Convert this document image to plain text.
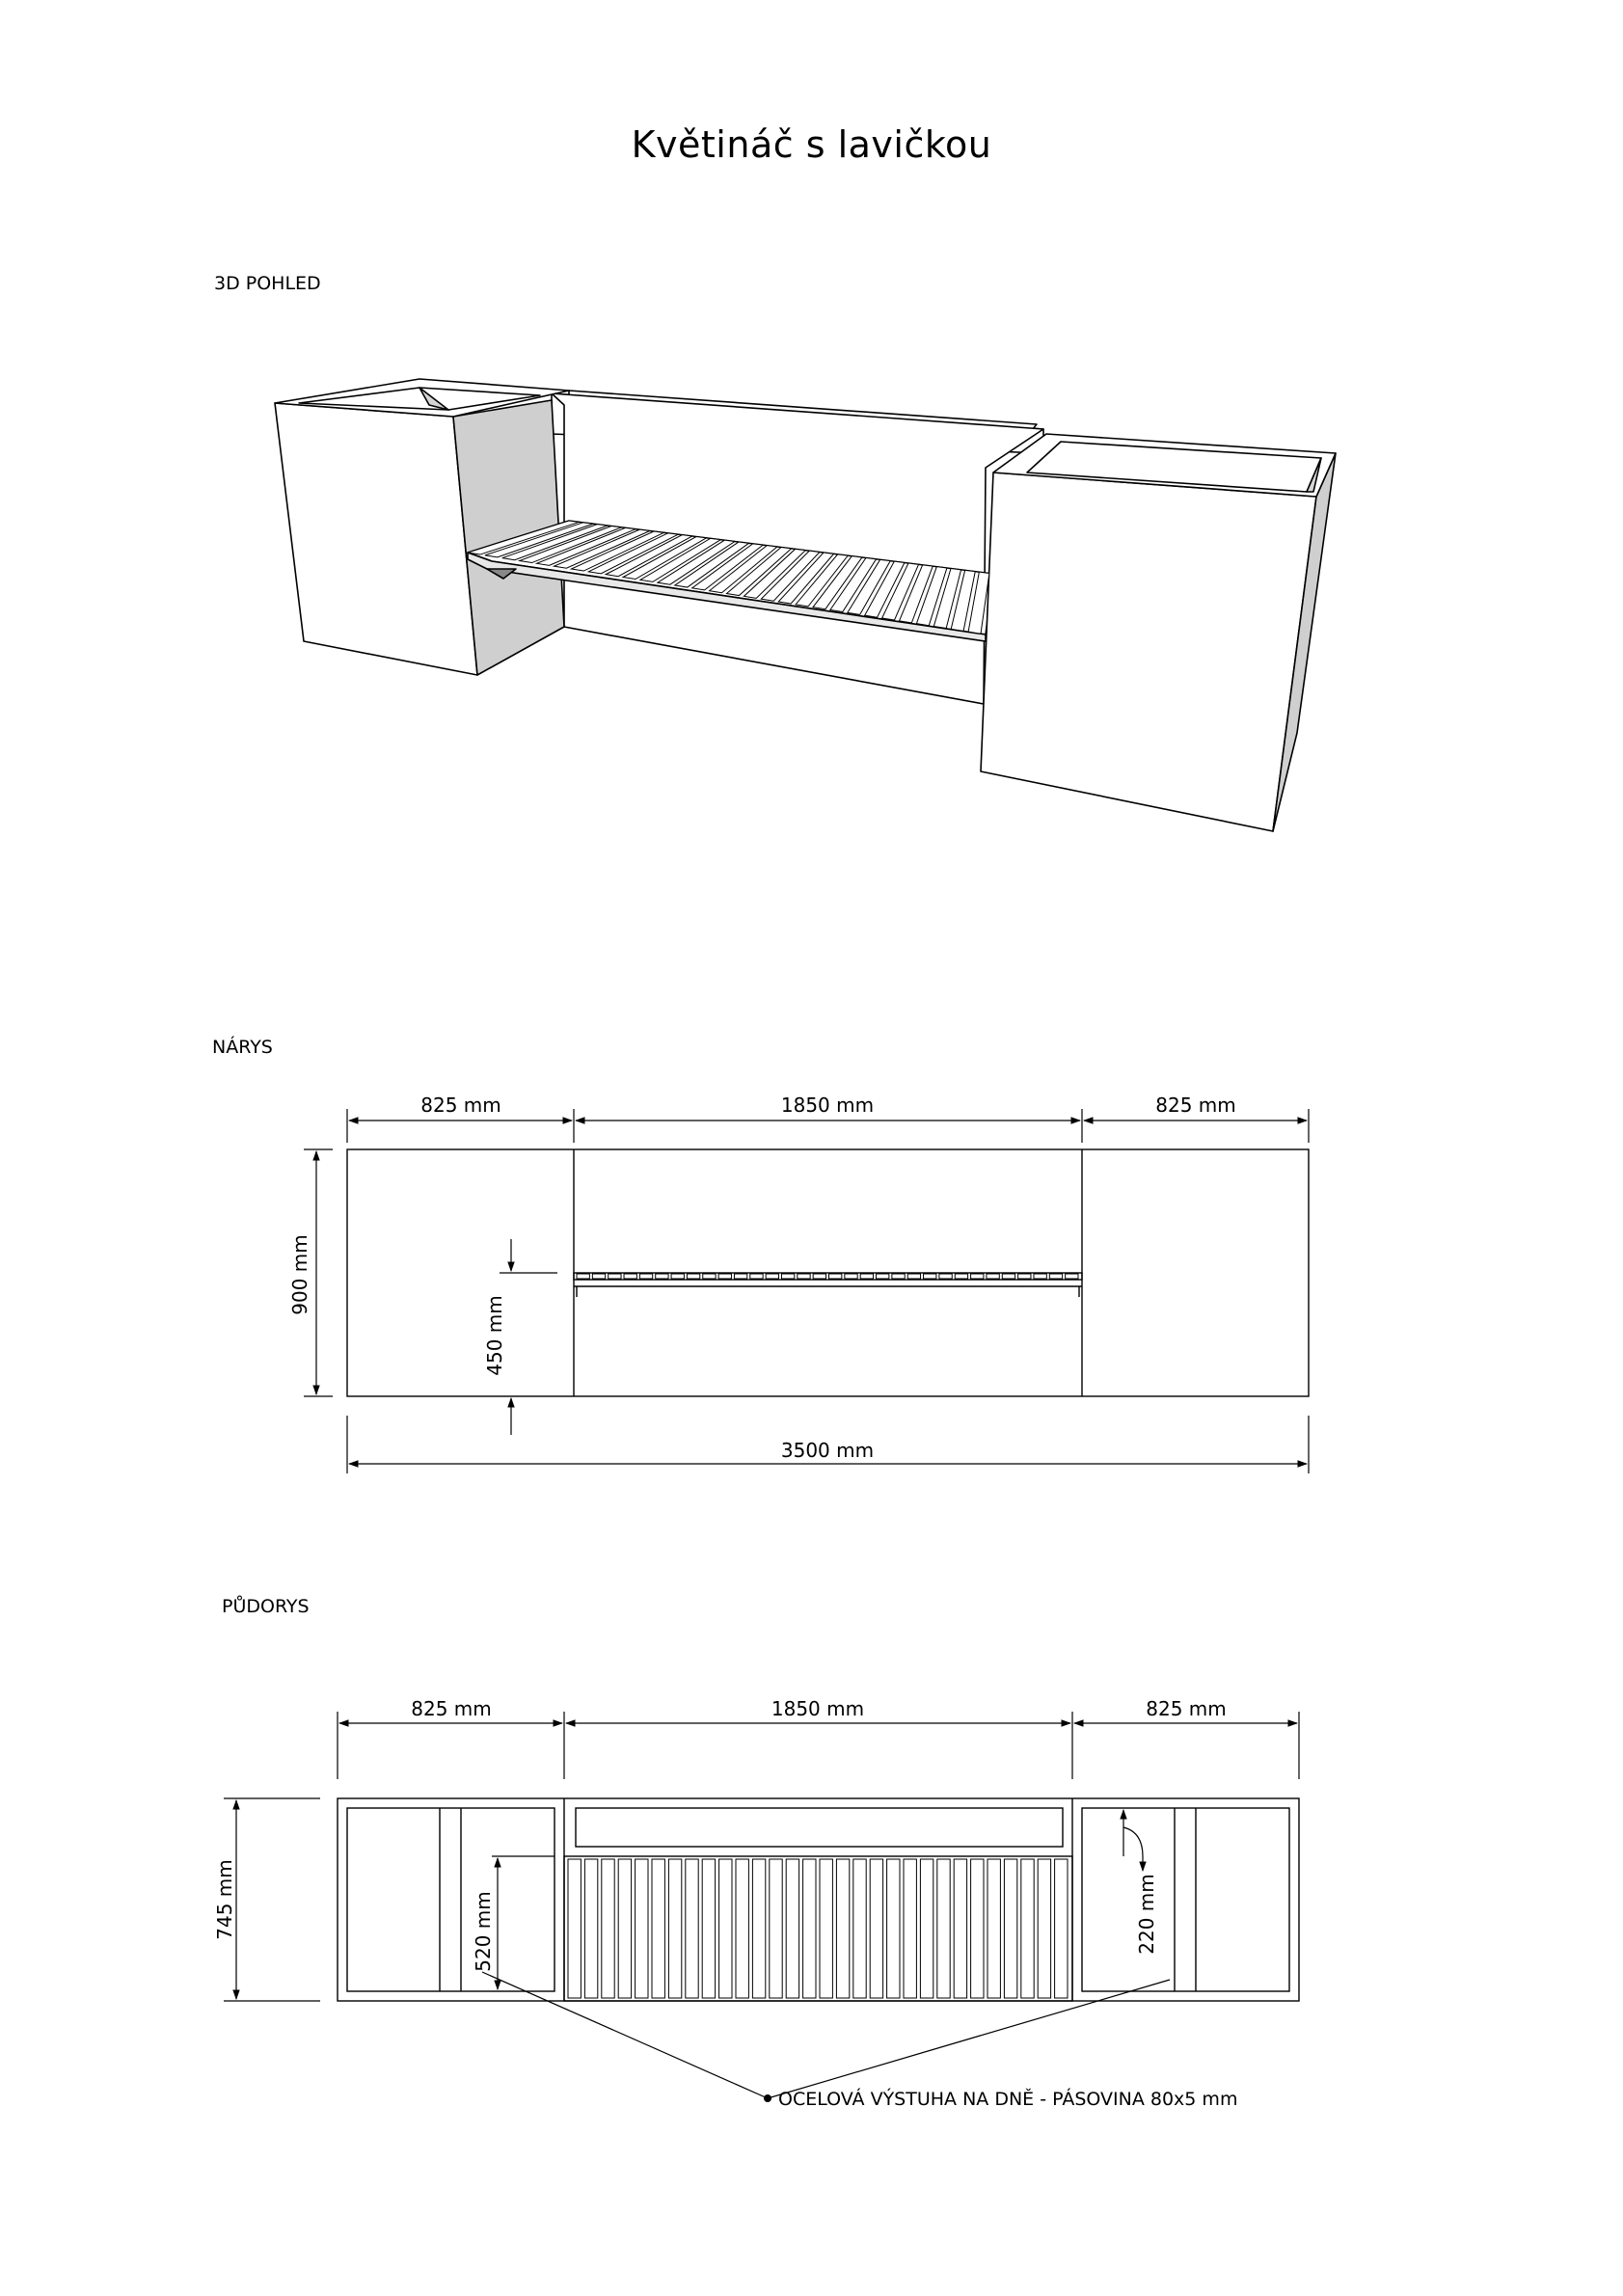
Květináč s lavičkou
3D POHLED
NÁRYS
PŮDORYS
825 mm	1850 mm	825 mm
3500 mm
900 mm
450 mm
825 mm	1850 mm	825 mm
745 mm	520 mm	220 mm
OCELOVÁ VÝSTUHA NA DNĚ - PÁSOVINA 80x5 mm
